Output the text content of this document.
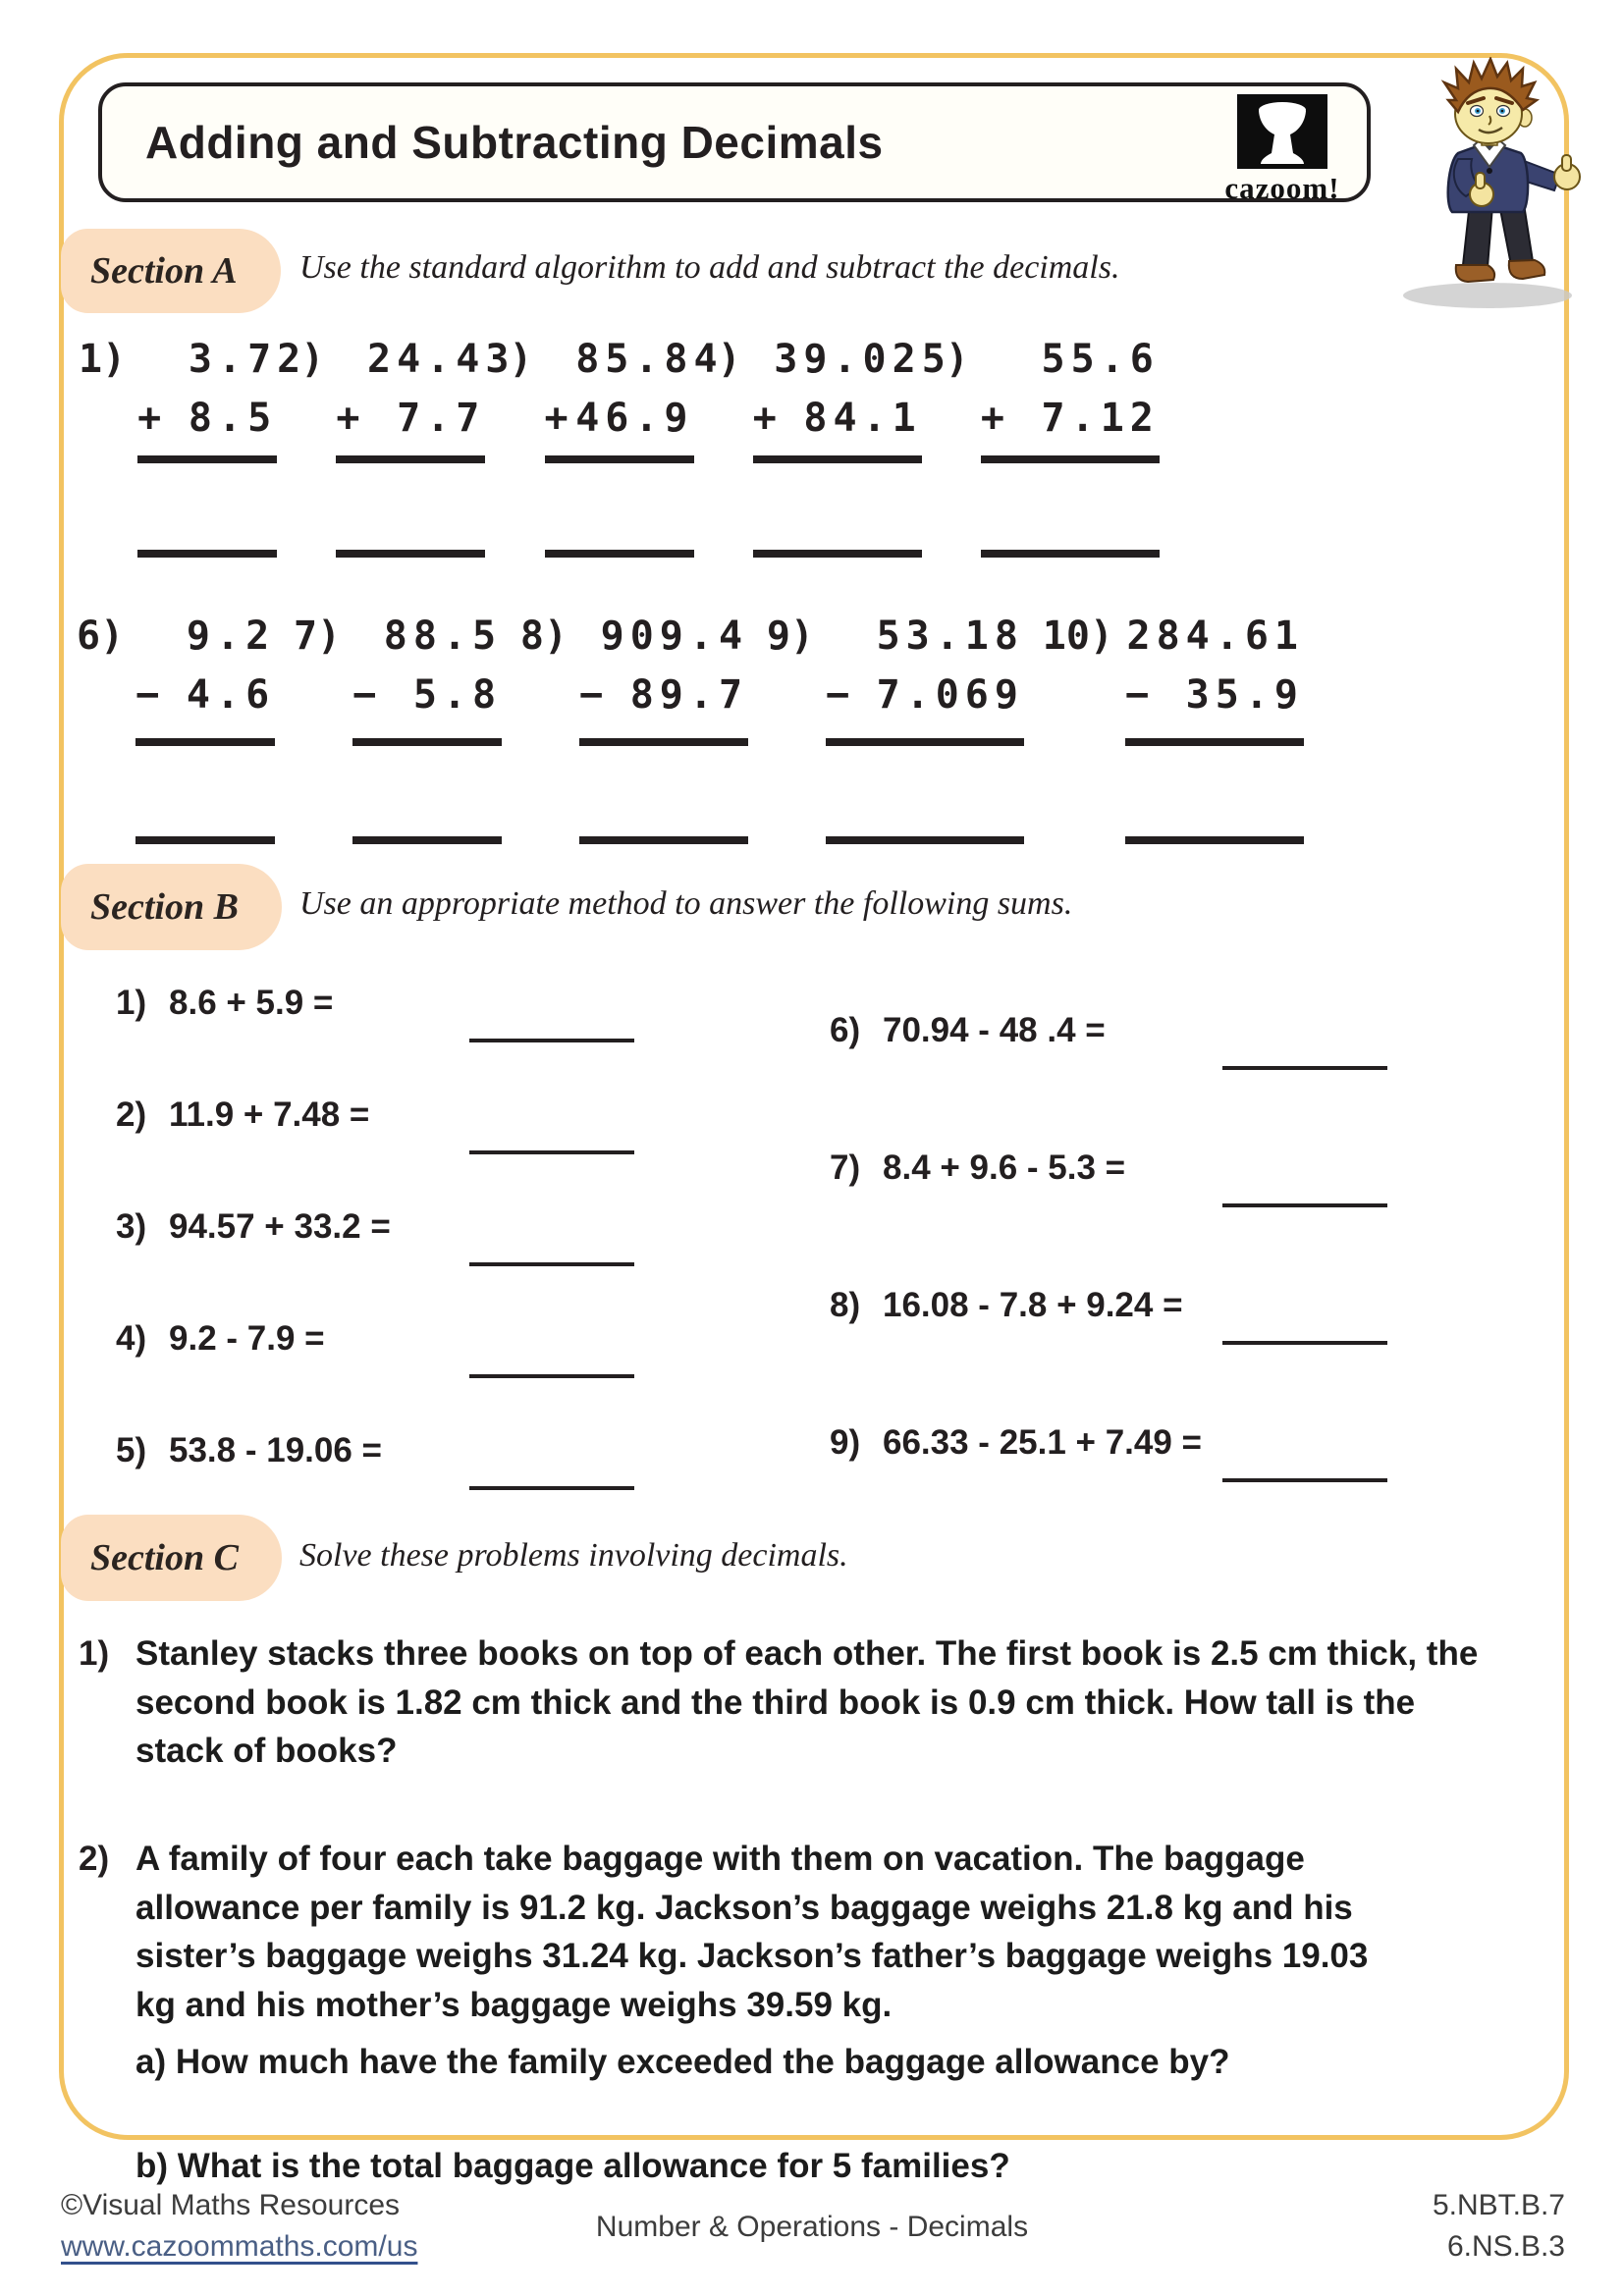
Adding and Subtracting Decimals
cazoom!
Section A Use the standard algorithm to add and subtract the decimals.
1)	3.7
+ 8.5
2)	24.4
+ 7.7
3)	85.8
+ 46.9
4) 39.02
+ 84.1
5)	55.6
+ 7.12
6)	9.2
− 4.6
7)	88.5
− 5.8
8) 909.4
− 89.7
9)	53.18
− 7.069
10) 284.61
− 35.9
Section B Use an appropriate method to answer the following sums.
1) 8.6 + 5.9 =
2) 11.9 + 7.48 =
3) 94.57 + 33.2 =
4) 9.2 - 7.9 =
5) 53.8 - 19.06 =
6) 70.94 - 48 .4 =
7) 8.4 + 9.6 - 5.3 =
8) 16.08 - 7.8 + 9.24 =
9) 66.33 - 25.1 + 7.49 =
Section C Solve these problems involving decimals.
1) Stanley stacks three books on top of each other. The first book is 2.5 cm thick, the second book is 1.82 cm thick and the third book is 0.9 cm thick. How tall is the stack of books?
2) A family of four each take baggage with them on vacation. The baggage allowance per family is 91.2 kg. Jackson’s baggage weighs 21.8 kg and his sister’s baggage weighs 31.24 kg. Jackson’s father’s baggage weighs 19.03 kg and his mother’s baggage weighs 39.59 kg.
a) How much have the family exceeded the baggage allowance by?
b) What is the total baggage allowance for 5 families?
©Visual Maths Resources
www.cazoommaths.com/us
Number & Operations - Decimals
5.NBT.B.7
6.NS.B.3
